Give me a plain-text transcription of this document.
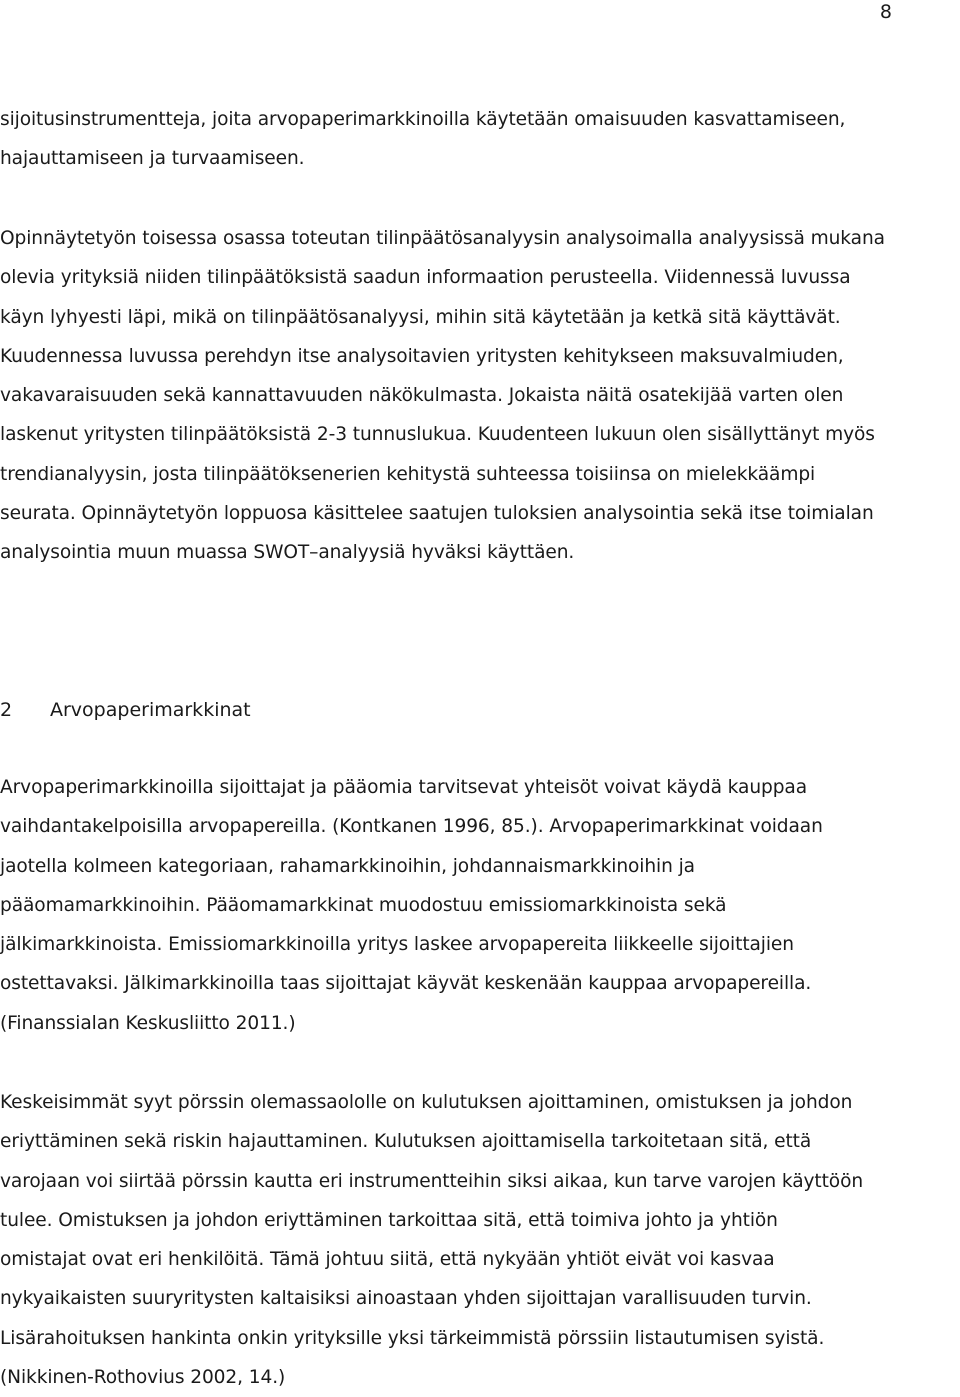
8
sijoitusinstrumentteja, joita arvopaperimarkkinoilla käytetään omaisuuden kasvattamiseen,
hajauttamiseen ja turvaamiseen.
Opinnäytetyön toisessa osassa toteutan tilinpäätösanalyysin analysoimalla analyysissä mukana
olevia yrityksiä niiden tilinpäätöksistä saadun informaation perusteella. Viidennessä luvussa
käyn lyhyesti läpi, mikä on tilinpäätösanalyysi, mihin sitä käytetään ja ketkä sitä käyttävät.
Kuudennessa luvussa perehdyn itse analysoitavien yritysten kehitykseen maksuvalmiuden,
vakavaraisuuden sekä kannattavuuden näkökulmasta. Jokaista näitä osatekijää varten olen
laskenut yritysten tilinpäätöksistä 2-3 tunnuslukua. Kuudenteen lukuun olen sisällyttänyt myös
trendianalyysin, josta tilinpäätöksenerien kehitystä suhteessa toisiinsa on mielekkäämpi
seurata. Opinnäytetyön loppuosa käsittelee saatujen tuloksien analysointia sekä itse toimialan
analysointia muun muassa SWOT–analyysiä hyväksi käyttäen.
2 Arvopaperimarkkinat
Arvopaperimarkkinoilla sijoittajat ja pääomia tarvitsevat yhteisöt voivat käydä kauppaa
vaihdantakelpoisilla arvopapereilla. (Kontkanen 1996, 85.). Arvopaperimarkkinat voidaan
jaotella kolmeen kategoriaan, rahamarkkinoihin, johdannaismarkkinoihin ja
pääomamarkkinoihin. Pääomamarkkinat muodostuu emissiomarkkinoista sekä
jälkimarkkinoista. Emissiomarkkinoilla yritys laskee arvopapereita liikkeelle sijoittajien
ostettavaksi. Jälkimarkkinoilla taas sijoittajat käyvät keskenään kauppaa arvopapereilla.
(Finanssialan Keskusliitto 2011.)
Keskeisimmät syyt pörssin olemassaololle on kulutuksen ajoittaminen, omistuksen ja johdon
eriyttäminen sekä riskin hajauttaminen. Kulutuksen ajoittamisella tarkoitetaan sitä, että
varojaan voi siirtää pörssin kautta eri instrumentteihin siksi aikaa, kun tarve varojen käyttöön
tulee. Omistuksen ja johdon eriyttäminen tarkoittaa sitä, että toimiva johto ja yhtiön
omistajat ovat eri henkilöitä. Tämä johtuu siitä, että nykyään yhtiöt eivät voi kasvaa
nykyaikaisten suuryritysten kaltaisiksi ainoastaan yhden sijoittajan varallisuuden turvin.
Lisärahoituksen hankinta onkin yrityksille yksi tärkeimmistä pörssiin listautumisen syistä.
(Nikkinen-Rothovius 2002, 14.)
